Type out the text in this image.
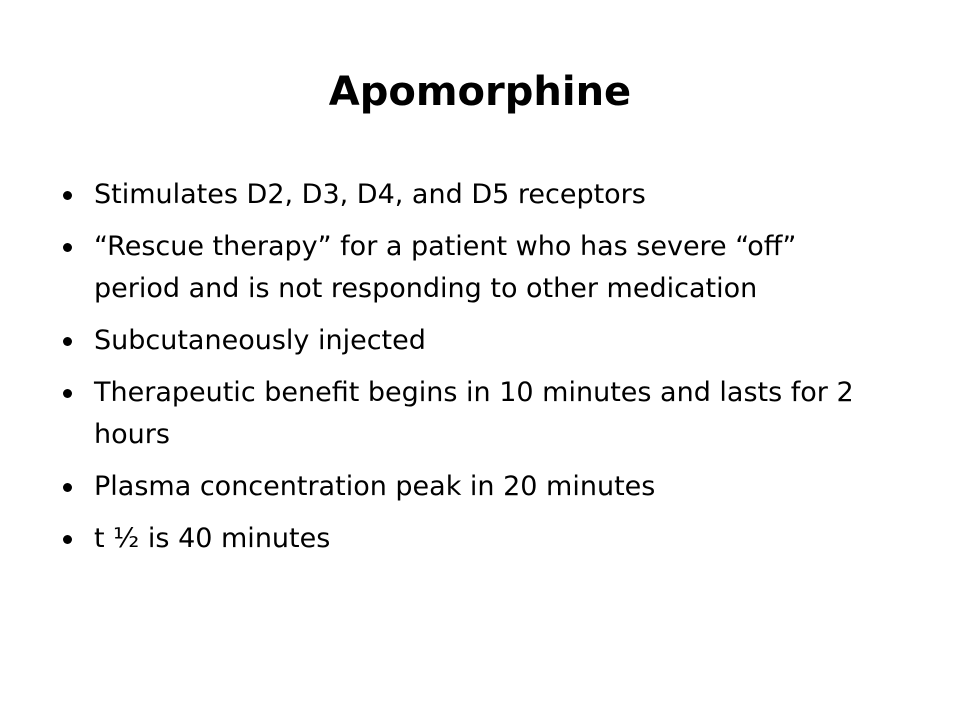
Apomorphine
Stimulates D2, D3, D4, and D5 receptors
“Rescue therapy” for a patient who has severe “off” period and is not responding to other medication
Subcutaneously injected
Therapeutic benefit begins in 10 minutes and lasts for 2 hours
Plasma concentration peak in 20 minutes
t ½ is 40 minutes
